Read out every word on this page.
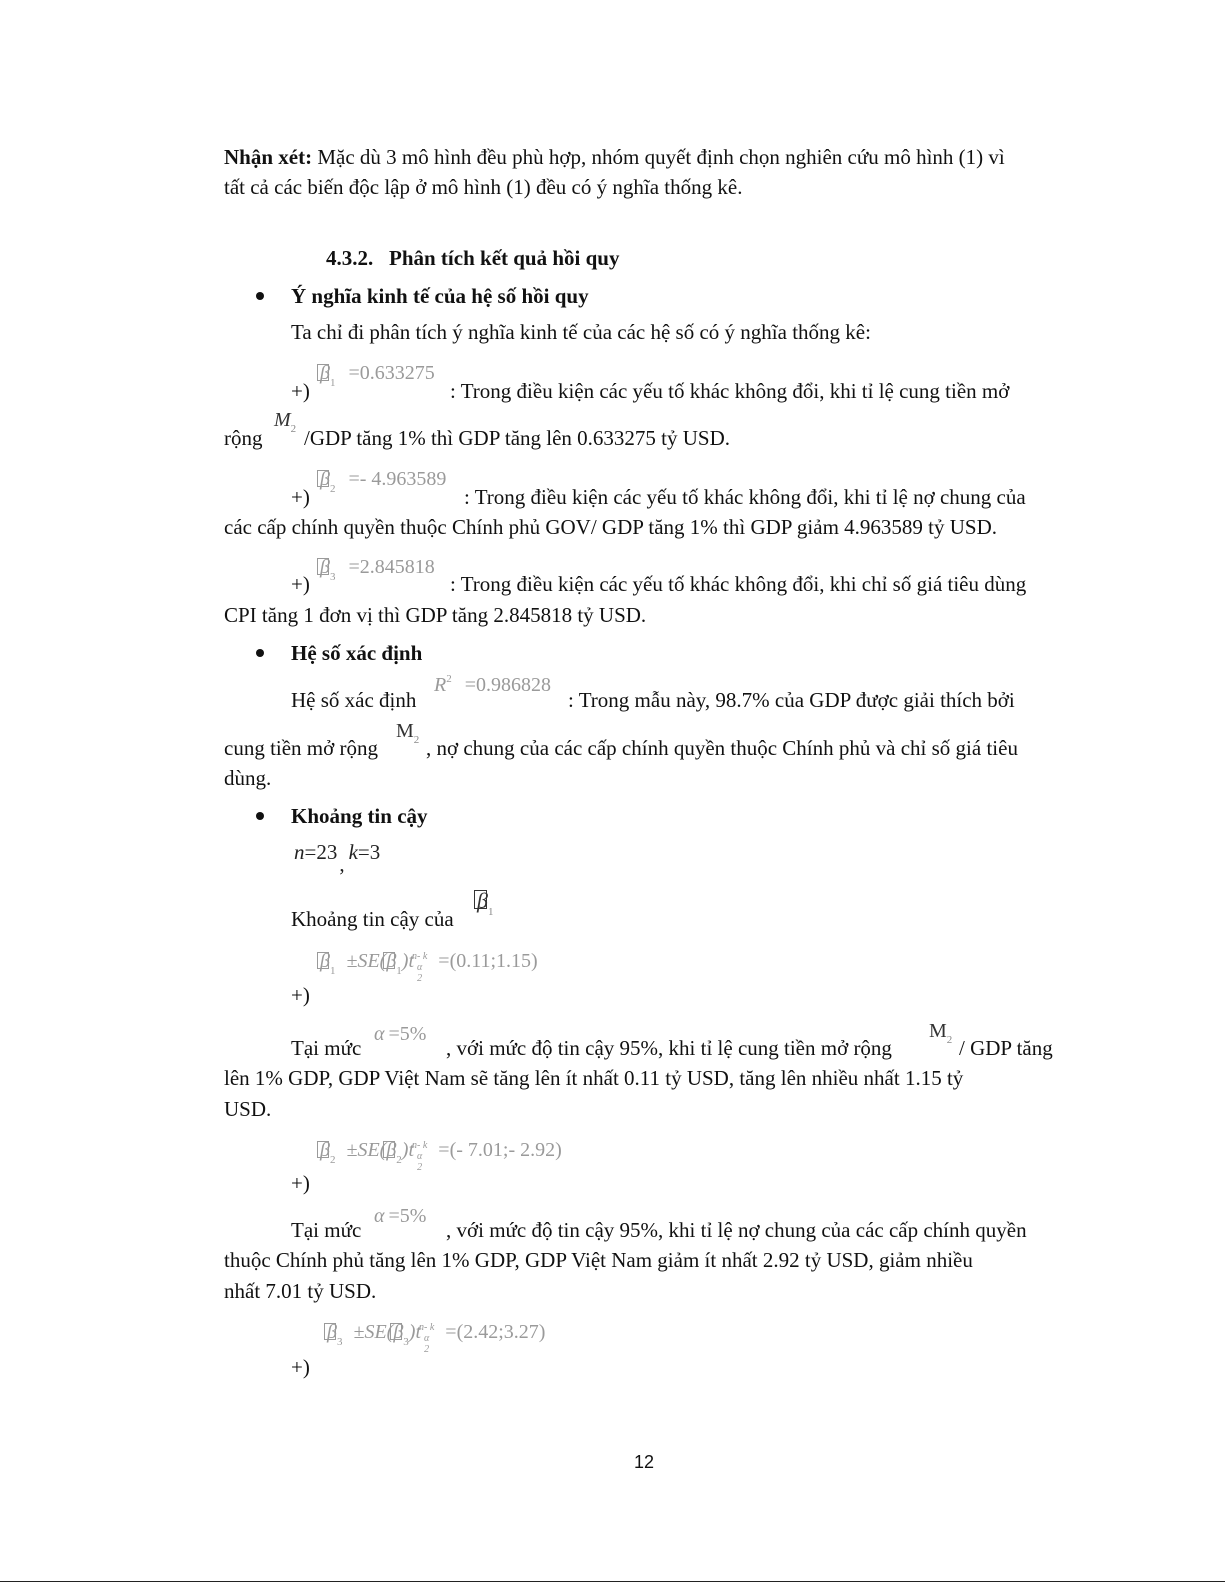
Nhận xét: Mặc dù 3 mô hình đều phù hợp, nhóm quyết định chọn nghiên cứu mô hình (1) vì
tất cả các biến độc lập ở mô hình (1) đều có ý nghĩa thống kê.
4.3.2. Phân tích kết quả hồi quy
Ý nghĩa kinh tế của hệ số hồi quy
Ta chỉ đi phân tích ý nghĩa kinh tế của các hệ số có ý nghĩa thống kê:
$\beta_1 =0.633275$
+)	: Trong điều kiện các yếu tố khác không đổi, khi tỉ lệ cung tiền mở
rộng
$M_2$ /GDP tăng 1% thì GDP tăng lên 0.633275 tỷ USD.
$\beta_2 =- 4.963589$
+)	: Trong điều kiện các yếu tố khác không đổi, khi tỉ lệ nợ chung của
các cấp chính quyền thuộc Chính phủ GOV/ GDP tăng 1% thì GDP giảm 4.963589 tỷ USD.
$\beta_3 =2.845818$
+)	: Trong điều kiện các yếu tố khác không đổi, khi chỉ số giá tiêu dùng
CPI tăng 1 đơn vị thì GDP tăng 2.845818 tỷ USD.
Hệ số xác định
Hệ số xác định
$R^2 =0.986828$
: Trong mẫu này, 98.7% của GDP được giải thích bởi
cung tiền mở rộng
$M_2$ , nợ chung của các cấp chính quyền thuộc Chính phủ và chỉ số giá tiêu
dùng.
Khoảng tin cậy
n=23, k=3
Khoảng tin cậy của
$\beta_1$
$\beta_1 \pm SE$(
$\beta_1)tn-$ k
α
2 =(0.11;1.15)
+)
Tại mức
α =5%
, với mức độ tin cậy 95%, khi tỉ lệ cung tiền mở rộng
$M_2$ / GDP tăng
lên 1% GDP, GDP Việt Nam sẽ tăng lên ít nhất 0.11 tỷ USD, tăng lên nhiều nhất 1.15 tỷ
USD.
$\beta_2 \pm SE$(
$\beta_2)tn-$ k
α
2 =(- 7.01;- 2.92)
+)
Tại mức
α =5%
, với mức độ tin cậy 95%, khi tỉ lệ nợ chung của các cấp chính quyền
thuộc Chính phủ tăng lên 1% GDP, GDP Việt Nam giảm ít nhất 2.92 tỷ USD, giảm nhiều
nhất 7.01 tỷ USD.
$\beta_3 \pm SE$(
$\beta_3)tn-$ k
α
2 =(2.42;3.27)
+)
12
